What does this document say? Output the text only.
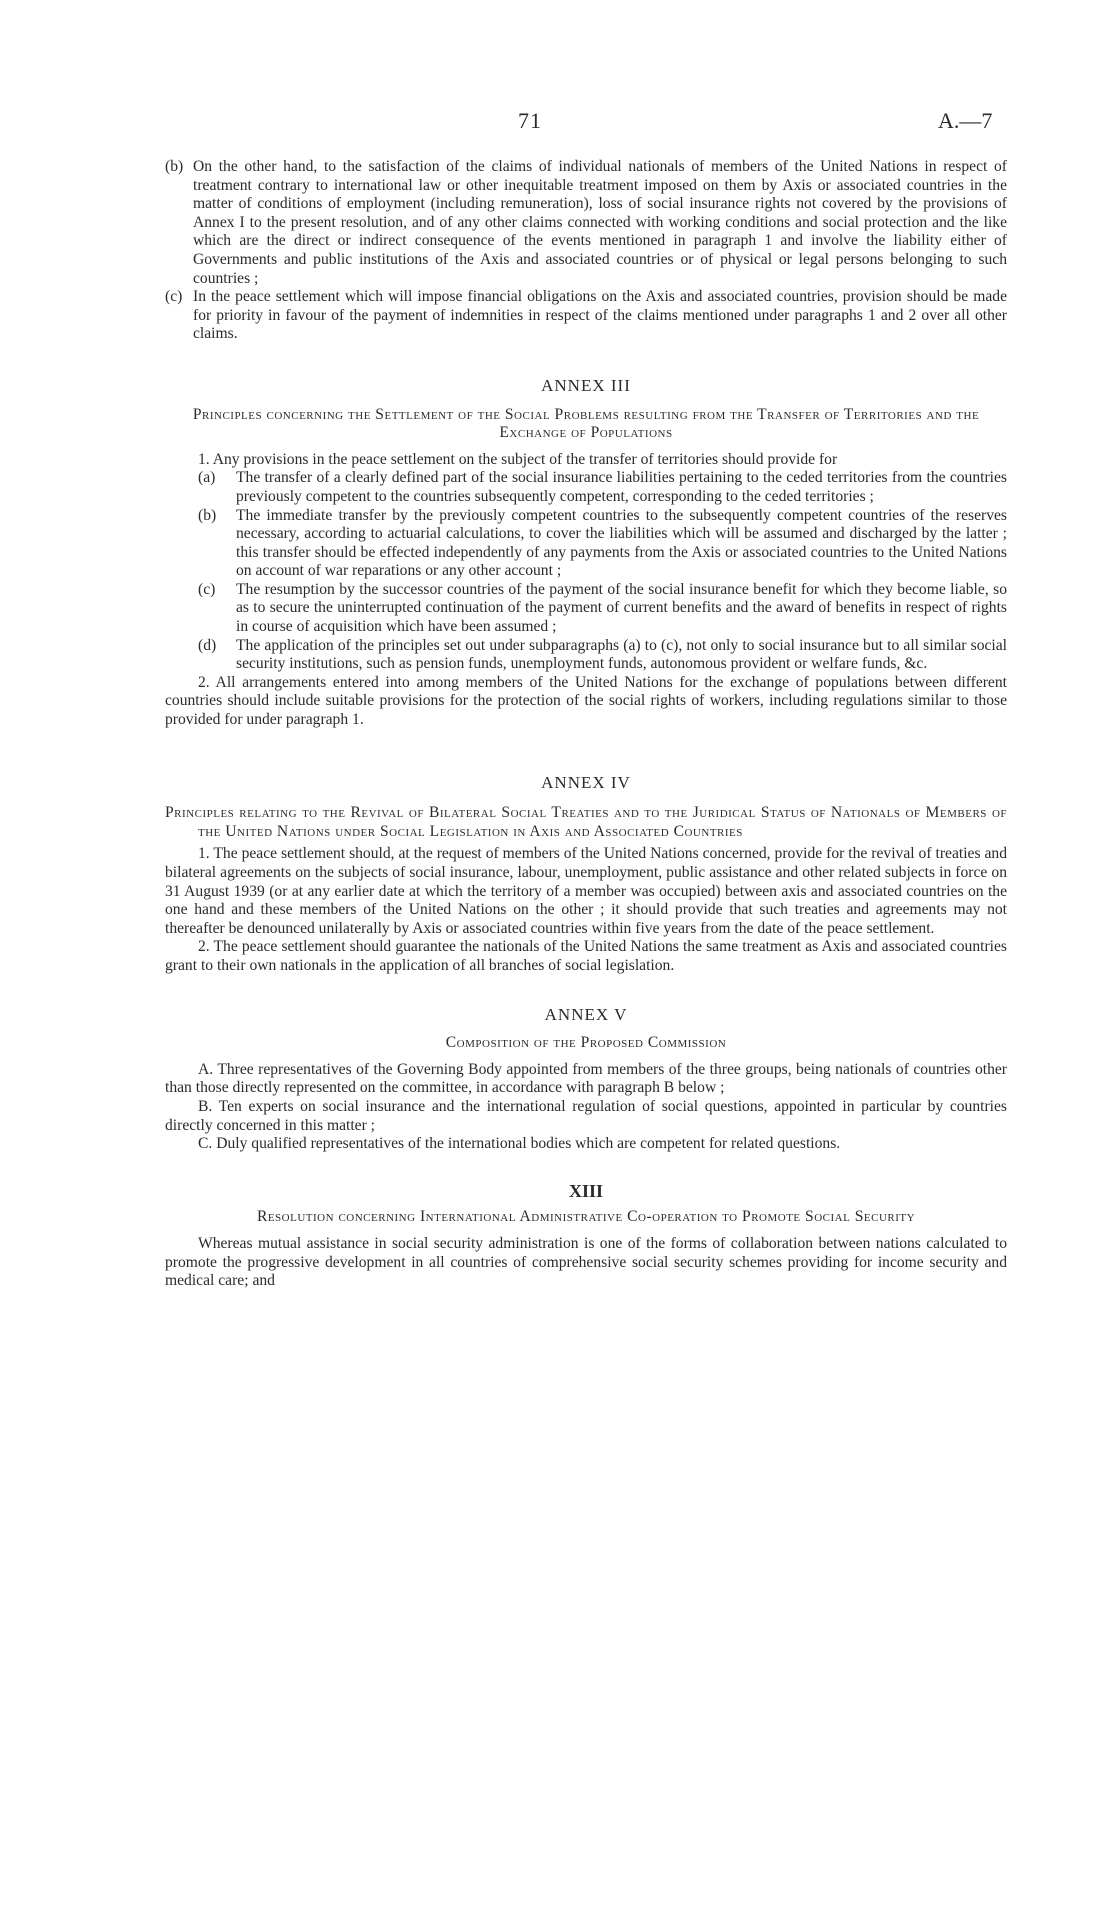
71	A.—7
(b) On the other hand, to the satisfaction of the claims of individual nationals of members of the United Nations in respect of treatment contrary to international law or other inequitable treatment imposed on them by Axis or associated countries in the matter of conditions of employment (including remuneration), loss of social insurance rights not covered by the provisions of Annex I to the present resolution, and of any other claims connected with working conditions and social protection and the like which are the direct or indirect consequence of the events mentioned in paragraph 1 and involve the liability either of Governments and public institutions of the Axis and associated countries or of physical or legal persons belonging to such countries ;
(c) In the peace settlement which will impose financial obligations on the Axis and associated countries, provision should be made for priority in favour of the payment of indemnities in respect of the claims mentioned under paragraphs 1 and 2 over all other claims.

ANNEX III

Principles concerning the Settlement of the Social Problems resulting from the Transfer of Territories and the Exchange of Populations

1. Any provisions in the peace settlement on the subject of the transfer of territories should provide for

(a) The transfer of a clearly defined part of the social insurance liabilities pertaining to the ceded territories from the countries previously competent to the countries subsequently competent, corresponding to the ceded territories ;
(b) The immediate transfer by the previously competent countries to the subsequently competent countries of the reserves necessary, according to actuarial calculations, to cover the liabilities which will be assumed and discharged by the latter ; this transfer should be effected independently of any payments from the Axis or associated countries to the United Nations on account of war reparations or any other account ;
(c) The resumption by the successor countries of the payment of the social insurance benefit for which they become liable, so as to secure the uninterrupted continuation of the payment of current benefits and the award of benefits in respect of rights in course of acquisition which have been assumed ;
(d) The application of the principles set out under subparagraphs (a) to (c), not only to social insurance but to all similar social security institutions, such as pension funds, unemployment funds, autonomous provident or welfare funds, &c.

2. All arrangements entered into among members of the United Nations for the exchange of populations between different countries should include suitable provisions for the protection of the social rights of workers, including regulations similar to those provided for under paragraph 1.

ANNEX IV

Principles relating to the Revival of Bilateral Social Treaties and to the Juridical Status of Nationals of Members of the United Nations under Social Legislation in Axis and Associated Countries

1. The peace settlement should, at the request of members of the United Nations concerned, provide for the revival of treaties and bilateral agreements on the subjects of social insurance, labour, unemployment, public assistance and other related subjects in force on 31 August 1939 (or at any earlier date at which the territory of a member was occupied) between axis and associated countries on the one hand and these members of the United Nations on the other ; it should provide that such treaties and agreements may not thereafter be denounced unilaterally by Axis or associated countries within five years from the date of the peace settlement.

2. The peace settlement should guarantee the nationals of the United Nations the same treatment as Axis and associated countries grant to their own nationals in the application of all branches of social legislation.

ANNEX V

Composition of the Proposed Commission

A. Three representatives of the Governing Body appointed from members of the three groups, being nationals of countries other than those directly represented on the committee, in accordance with paragraph B below ;

B. Ten experts on social insurance and the international regulation of social questions, appointed in particular by countries directly concerned in this matter ;

C. Duly qualified representatives of the international bodies which are competent for related questions.

XIII

Resolution concerning International Administrative Co-operation to Promote Social Security

Whereas mutual assistance in social security administration is one of the forms of collaboration between nations calculated to promote the progressive development in all countries of comprehensive social security schemes providing for income security and medical care; and
